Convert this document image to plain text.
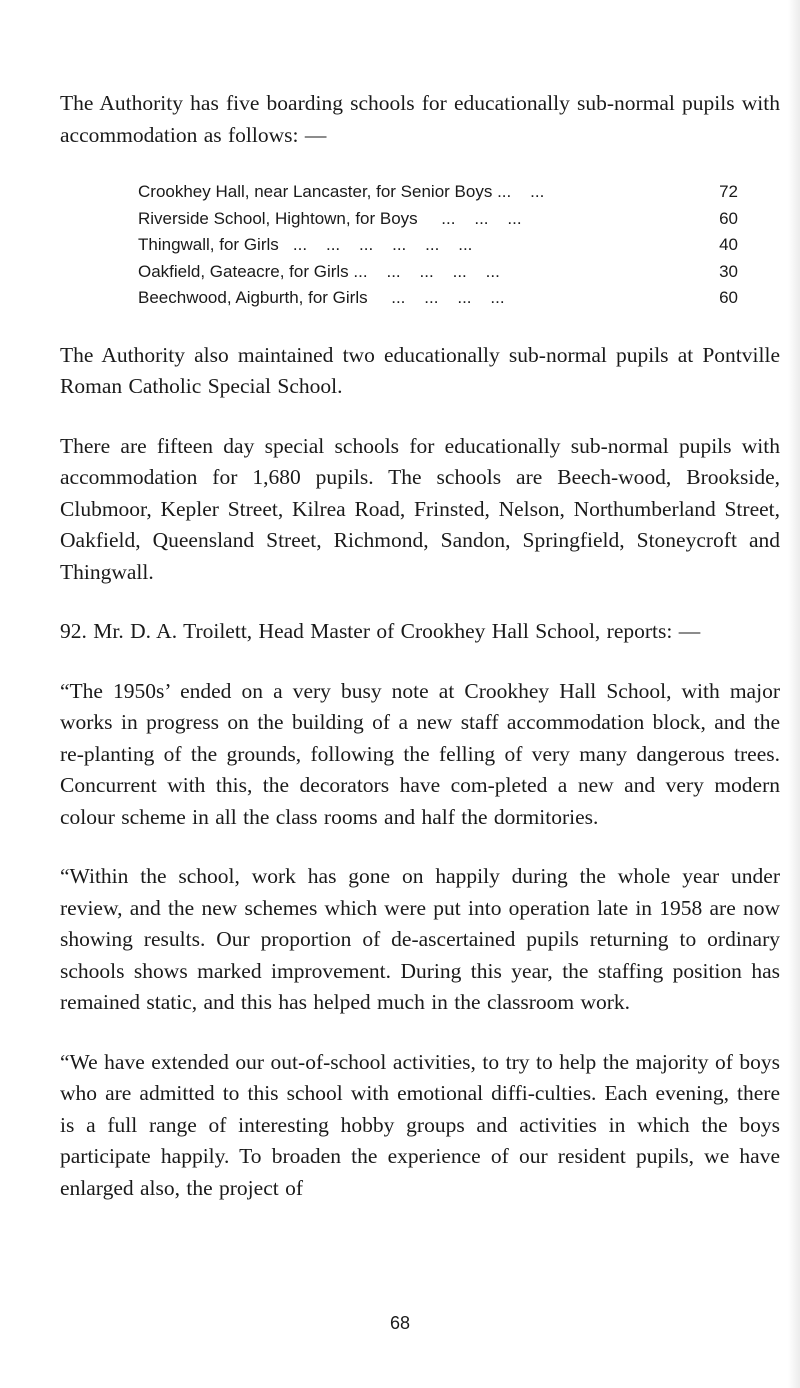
The Authority has five boarding schools for educationally sub-normal pupils with accommodation as follows: —

Crookhey Hall, near Lancaster, for Senior Boys ...    ...	72
Riverside School, Hightown, for Boys     ...    ...    ...	60
Thingwall, for Girls   ...    ...    ...    ...    ...    ...	40
Oakfield, Gateacre, for Girls ...    ...    ...    ...    ...	30
Beechwood, Aigburth, for Girls     ...    ...    ...    ...	60

The Authority also maintained two educationally sub-normal pupils at Pontville Roman Catholic Special School.

There are fifteen day special schools for educationally sub-normal pupils with accommodation for 1,680 pupils. The schools are Beech-wood, Brookside, Clubmoor, Kepler Street, Kilrea Road, Frinsted, Nelson, Northumberland Street, Oakfield, Queensland Street, Richmond, Sandon, Springfield, Stoneycroft and Thingwall.

92. Mr. D. A. Troilett, Head Master of Crookhey Hall School, reports: —

“The 1950s’ ended on a very busy note at Crookhey Hall School, with major works in progress on the building of a new staff accommodation block, and the re-planting of the grounds, following the felling of very many dangerous trees. Concurrent with this, the decorators have com-pleted a new and very modern colour scheme in all the class rooms and half the dormitories.

“Within the school, work has gone on happily during the whole year under review, and the new schemes which were put into operation late in 1958 are now showing results. Our proportion of de-ascertained pupils returning to ordinary schools shows marked improvement. During this year, the staffing position has remained static, and this has helped much in the classroom work.

“We have extended our out-of-school activities, to try to help the majority of boys who are admitted to this school with emotional diffi-culties. Each evening, there is a full range of interesting hobby groups and activities in which the boys participate happily. To broaden the experience of our resident pupils, we have enlarged also, the project of

68
